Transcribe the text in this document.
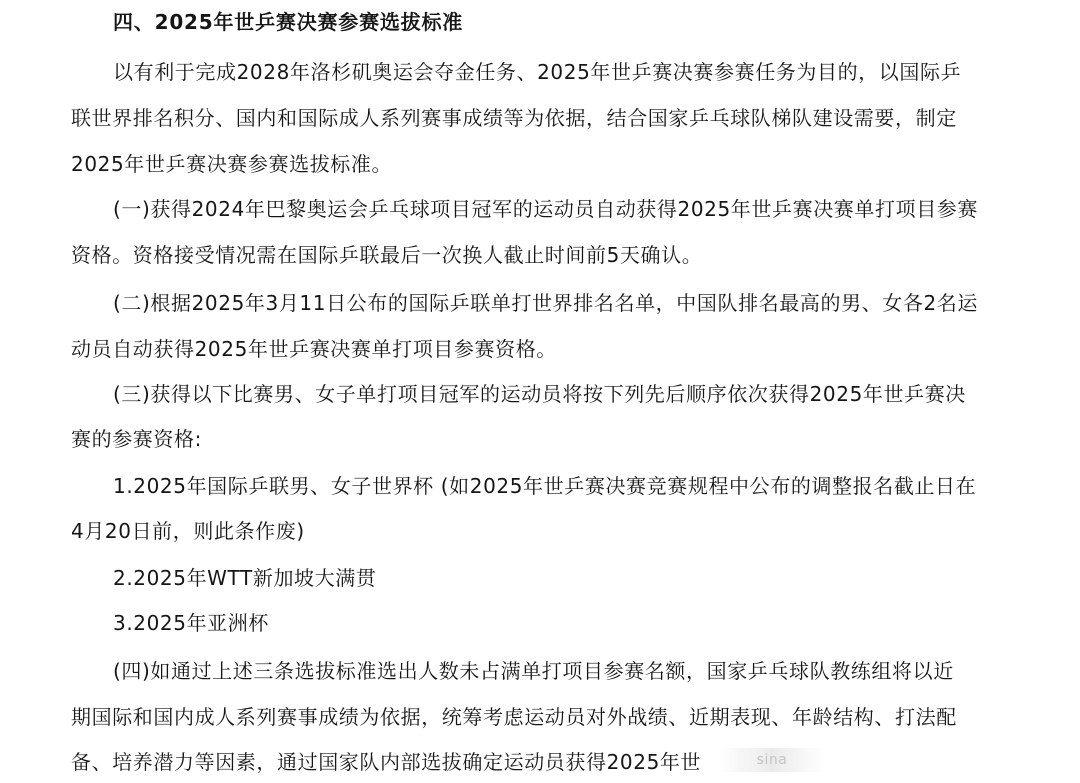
四、2025年世乒赛决赛参赛选拔标准
以有利于完成2028年洛杉矶奥运会夺金任务、2025年世乒赛决赛参赛任务为目的，以国际乒
联世界排名积分、国内和国际成人系列赛事成绩等为依据，结合国家乒乓球队梯队建设需要，制定
2025年世乒赛决赛参赛选拔标准。
(一)获得2024年巴黎奥运会乒乓球项目冠军的运动员自动获得2025年世乒赛决赛单打项目参赛
资格。资格接受情况需在国际乒联最后一次换人截止时间前5天确认。
(二)根据2025年3月11日公布的国际乒联单打世界排名名单，中国队排名最高的男、女各2名运
动员自动获得2025年世乒赛决赛单打项目参赛资格。
(三)获得以下比赛男、女子单打项目冠军的运动员将按下列先后顺序依次获得2025年世乒赛决
赛的参赛资格:
1.2025年国际乒联男、女子世界杯 (如2025年世乒赛决赛竞赛规程中公布的调整报名截止日在
4月20日前，则此条作废)
2.2025年WTT新加坡大满贯
3.2025年亚洲杯
(四)如通过上述三条选拔标准选出人数未占满单打项目参赛名额，国家乒乓球队教练组将以近
期国际和国内成人系列赛事成绩为依据，统筹考虑运动员对外战绩、近期表现、年龄结构、打法配
备、培养潜力等因素，通过国家队内部选拔确定运动员获得2025年世	sina
